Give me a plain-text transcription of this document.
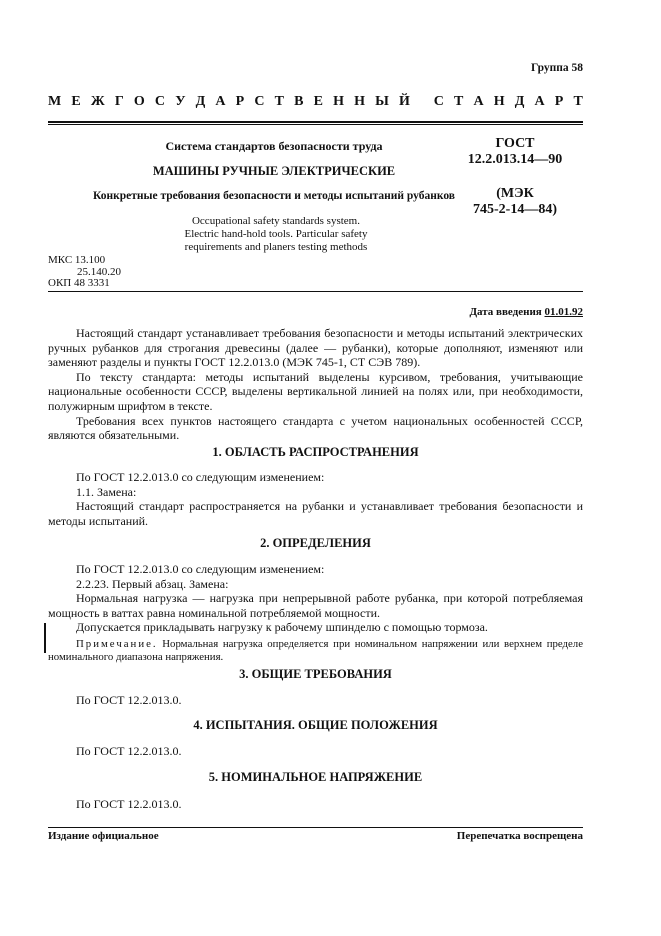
Группа 58
М Е Ж Г О С У Д А Р С Т В Е Н Н Ы Й
С Т А Н Д А Р Т
Система стандартов безопасности труда
МАШИНЫ РУЧНЫЕ ЭЛЕКТРИЧЕСКИЕ
Конкретные требования безопасности и методы испытаний рубанков
Occupational safety standards system.
Electric hand-hold tools. Particular safety
requirements and planers testing methods
ГОСТ
12.2.013.14—90
(МЭК
745-2-14—84)
МКС 13.100
25.140.20
ОКП 48 3331
Дата введения 01.01.92

Настоящий стандарт устанавливает требования безопасности и методы испытаний электрических ручных рубанков для строгания древесины (далее — рубанки), которые дополняют, изменяют или заменяют разделы и пункты ГОСТ 12.2.013.0 (МЭК 745-1, СТ СЭВ 789).

По тексту стандарта: методы испытаний выделены курсивом, требования, учитывающие национальные особенности СССР, выделены вертикальной линией на полях или, при необходимости, полужирным шрифтом в тексте.

Требования всех пунктов настоящего стандарта с учетом национальных особенностей СССР, являются обязательными.

1. ОБЛАСТЬ РАСПРОСТРАНЕНИЯ

По ГОСТ 12.2.013.0 со следующим изменением:

1.1. Замена:

Настоящий стандарт распространяется на рубанки и устанавливает требования безопасности и методы испытаний.

2. ОПРЕДЕЛЕНИЯ

По ГОСТ 12.2.013.0 со следующим изменением:

2.2.23. Первый абзац. Замена:

Нормальная нагрузка — нагрузка при непрерывной работе рубанка, при которой потребляемая мощность в ваттах равна номинальной потребляемой мощности.

Допускается прикладывать нагрузку к рабочему шпинделю с помощью тормоза.

Примечание. Нормальная нагрузка определяется при номинальном напряжении или верхнем пределе номинального диапазона напряжения.

3. ОБЩИЕ ТРЕБОВАНИЯ

По ГОСТ 12.2.013.0.

4. ИСПЫТАНИЯ. ОБЩИЕ ПОЛОЖЕНИЯ

По ГОСТ 12.2.013.0.

5. НОМИНАЛЬНОЕ НАПРЯЖЕНИЕ

По ГОСТ 12.2.013.0.

Издание официальное	Перепечатка воспрещена
